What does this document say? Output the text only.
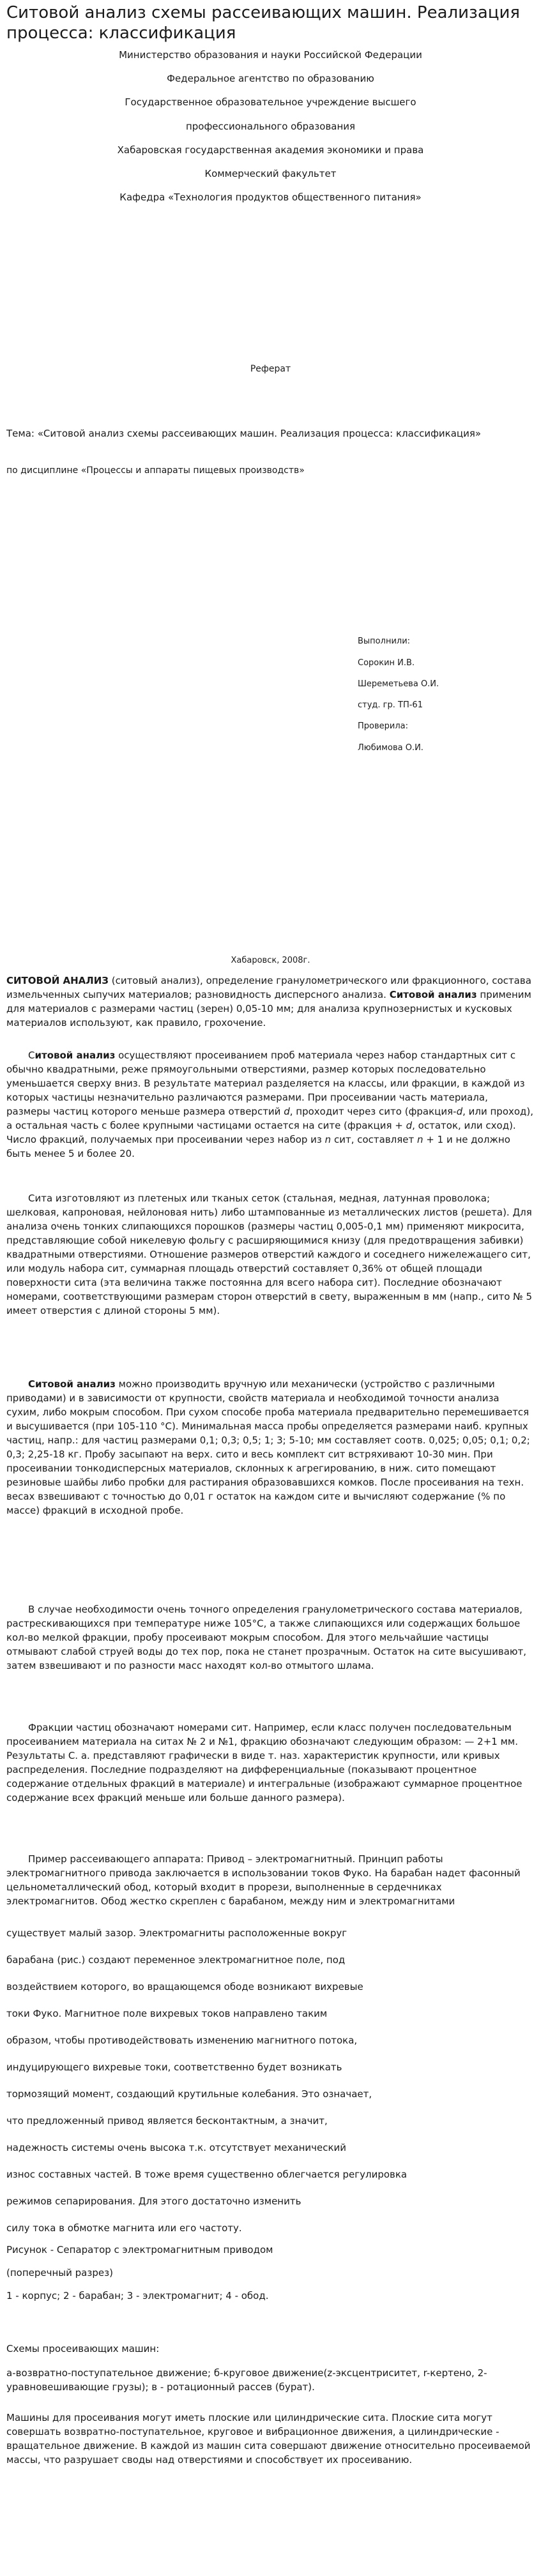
Ситовой анализ схемы рассеивающих машин. Реализация процесса: классификация
Министерство образования и науки Российской Федерации
Федеральное агентство по образованию
Государственное образовательное учреждение высшего
профессионального образования
Хабаровская государственная академия экономики и права
Коммерческий факультет
Кафедра «Технология продуктов общественного питания»
Реферат
Тема: «Ситовой анализ схемы рассеивающих машин. Реализация процесса: классификация»
по дисциплине «Процессы и аппараты пищевых производств»
Выполнили:
Сорокин И.В.
Шереметьева О.И.
студ. гр. ТП-61
Проверила:
Любимова О.И.
Хабаровск, 2008г.

СИТОВОЙ АНАЛИЗ (ситовый анализ), определение гранулометрического или фракционного, состава измельченных сыпучих материалов; разновидность дисперсного анализа. Ситовой анализ применим для материалов с размерами частиц (зерен) 0,05-10 мм; для анализа крупнозернистых и кусковых материалов используют, как правило, грохочение.

Ситовой анализ осуществляют просеиванием проб материала через набор стандартных сит с обычно квадратными, реже прямоугольными отверстиями, размер которых последовательно уменьшается сверху вниз. В результате материал разделяется на классы, или фракции, в каждой из которых частицы незначительно различаются размерами. При просеивании часть материала, размеры частиц которого меньше размера отверстий d, проходит через сито (фракция-d, или проход), а остальная часть с более крупными частицами остается на сите (фракция + d, остаток, или сход). Число фракций, получаемых при просеивании через набор из n сит, составляет n + 1 и не должно быть менее 5 и более 20.

Сита изготовляют из плетеных или тканых сеток (стальная, медная, латунная проволока; шелковая, капроновая, нейлоновая нить) либо штампованные из металлических листов (решета). Для анализа очень тонких слипающихся порошков (размеры частиц 0,005-0,1 мм) применяют микросита, представляющие собой никелевую фольгу с расширяющимися книзу (для предотвращения забивки) квадратными отверстиями. Отношение размеров отверстий каждого и соседнего нижележащего сит, или модуль набора сит, суммарная площадь отверстий составляет 0,36% от общей площади поверхности сита (эта величина также постоянна для всего набора сит). Последние обозначают номерами, соответствующими размерам сторон отверстий в свету, выраженным в мм (напр., сито № 5 имеет отверстия с длиной стороны 5 мм).

Ситовой анализ можно производить вручную или механически (устройство с различными приводами) и в зависимости от крупности, свойств материала и необходимой точности анализа сухим, либо мокрым способом. При сухом способе проба материала предварительно перемешивается и высушивается (при 105-110 °С). Минимальная масса пробы определяется размерами наиб. крупных частиц, напр.: для частиц размерами 0,1; 0,3; 0,5; 1; 3; 5-10; мм составляет соотв. 0,025; 0,05; 0,1; 0,2; 0,3; 2,25-18 кг. Пробу засыпают на верх. сито и весь комплект сит встряхивают 10-30 мин. При просеивании тонкодисперсных материалов, склонных к агрегированию, в ниж. сито помещают резиновые шайбы либо пробки для растирания образовавшихся комков. После просеивания на техн. весах взвешивают с точностью до 0,01 г остаток на каждом сите и вычисляют содержание (% по массе) фракций в исходной пробе.

В случае необходимости очень точного определения гранулометрического состава материалов, растрескивающихся при температуре ниже 105°С, а также слипающихся или содержащих большое кол-во мелкой фракции, пробу просеивают мокрым способом. Для этого мельчайшие частицы отмывают слабой струей воды до тех пор, пока не станет прозрачным. Остаток на сите высушивают, затем взвешивают и по разности масс находят кол-во отмытого шлама.

Фракции частиц обозначают номерами сит. Например, если класс получен последовательным просеиванием материала на ситах № 2 и №1, фракцию обозначают следующим образом: — 2+1 мм. Результаты С. а. представляют графически в виде т. наз. характеристик крупности, или кривых распределения. Последние подразделяют на дифференциальные (показывают процентное содержание отдельных фракций в материале) и интегральные (изображают суммарное процентное содержание всех фракций меньше или больше данного размера).

Пример рассеивающего аппарата: Привод – электромагнитный. Принцип работы электромагнитного привода заключается в использовании токов Фуко. На барабан надет фасонный цельнометаллический обод, который входит в прорези, выполненные в сердечниках электромагнитов. Обод жестко скреплен с барабаном, между ним и электромагнитами

существует малый зазор. Электромагниты расположенные вокруг
барабана (рис.) создают переменное электромагнитное поле, под
воздействием которого, во вращающемся ободе возникают вихревые
токи Фуко. Магнитное поле вихревых токов направлено таким
образом, чтобы противодействовать изменению магнитного потока,
индуцирующего вихревые токи, соответственно будет возникать
тормозящий момент, создающий крутильные колебания. Это означает,
что предложенный привод является бесконтактным, а значит,
надежность системы очень высока т.к. отсутствует механический
износ составных частей. В тоже время существенно облегчается регулировка
режимов сепарирования. Для этого достаточно изменить
силу тока в обмотке магнита или его частоту.
Рисунок - Сепаратор с электромагнитным приводом
(поперечный разрез)
1 - корпус; 2 - барабан; 3 - электромагнит; 4 - обод.
Схемы просеивающих машин:

а-возвратно-поступательное движение; б-круговое движение(z-эксцентриситет, r-кеpтено, 2-уравновешивающие грузы); в - ротационный рассев (бурат).

Машины для просеивания могут иметь плоские или цилиндрические сита. Плоские сита могут совершать возвратно-поступательное, круговое и вибрационное движения, а цилиндрические - вращательное движение. В каждой из машин сита совершают движение относительно просеиваемой массы, что разрушает своды над отверстиями и способствует их просеиванию.
